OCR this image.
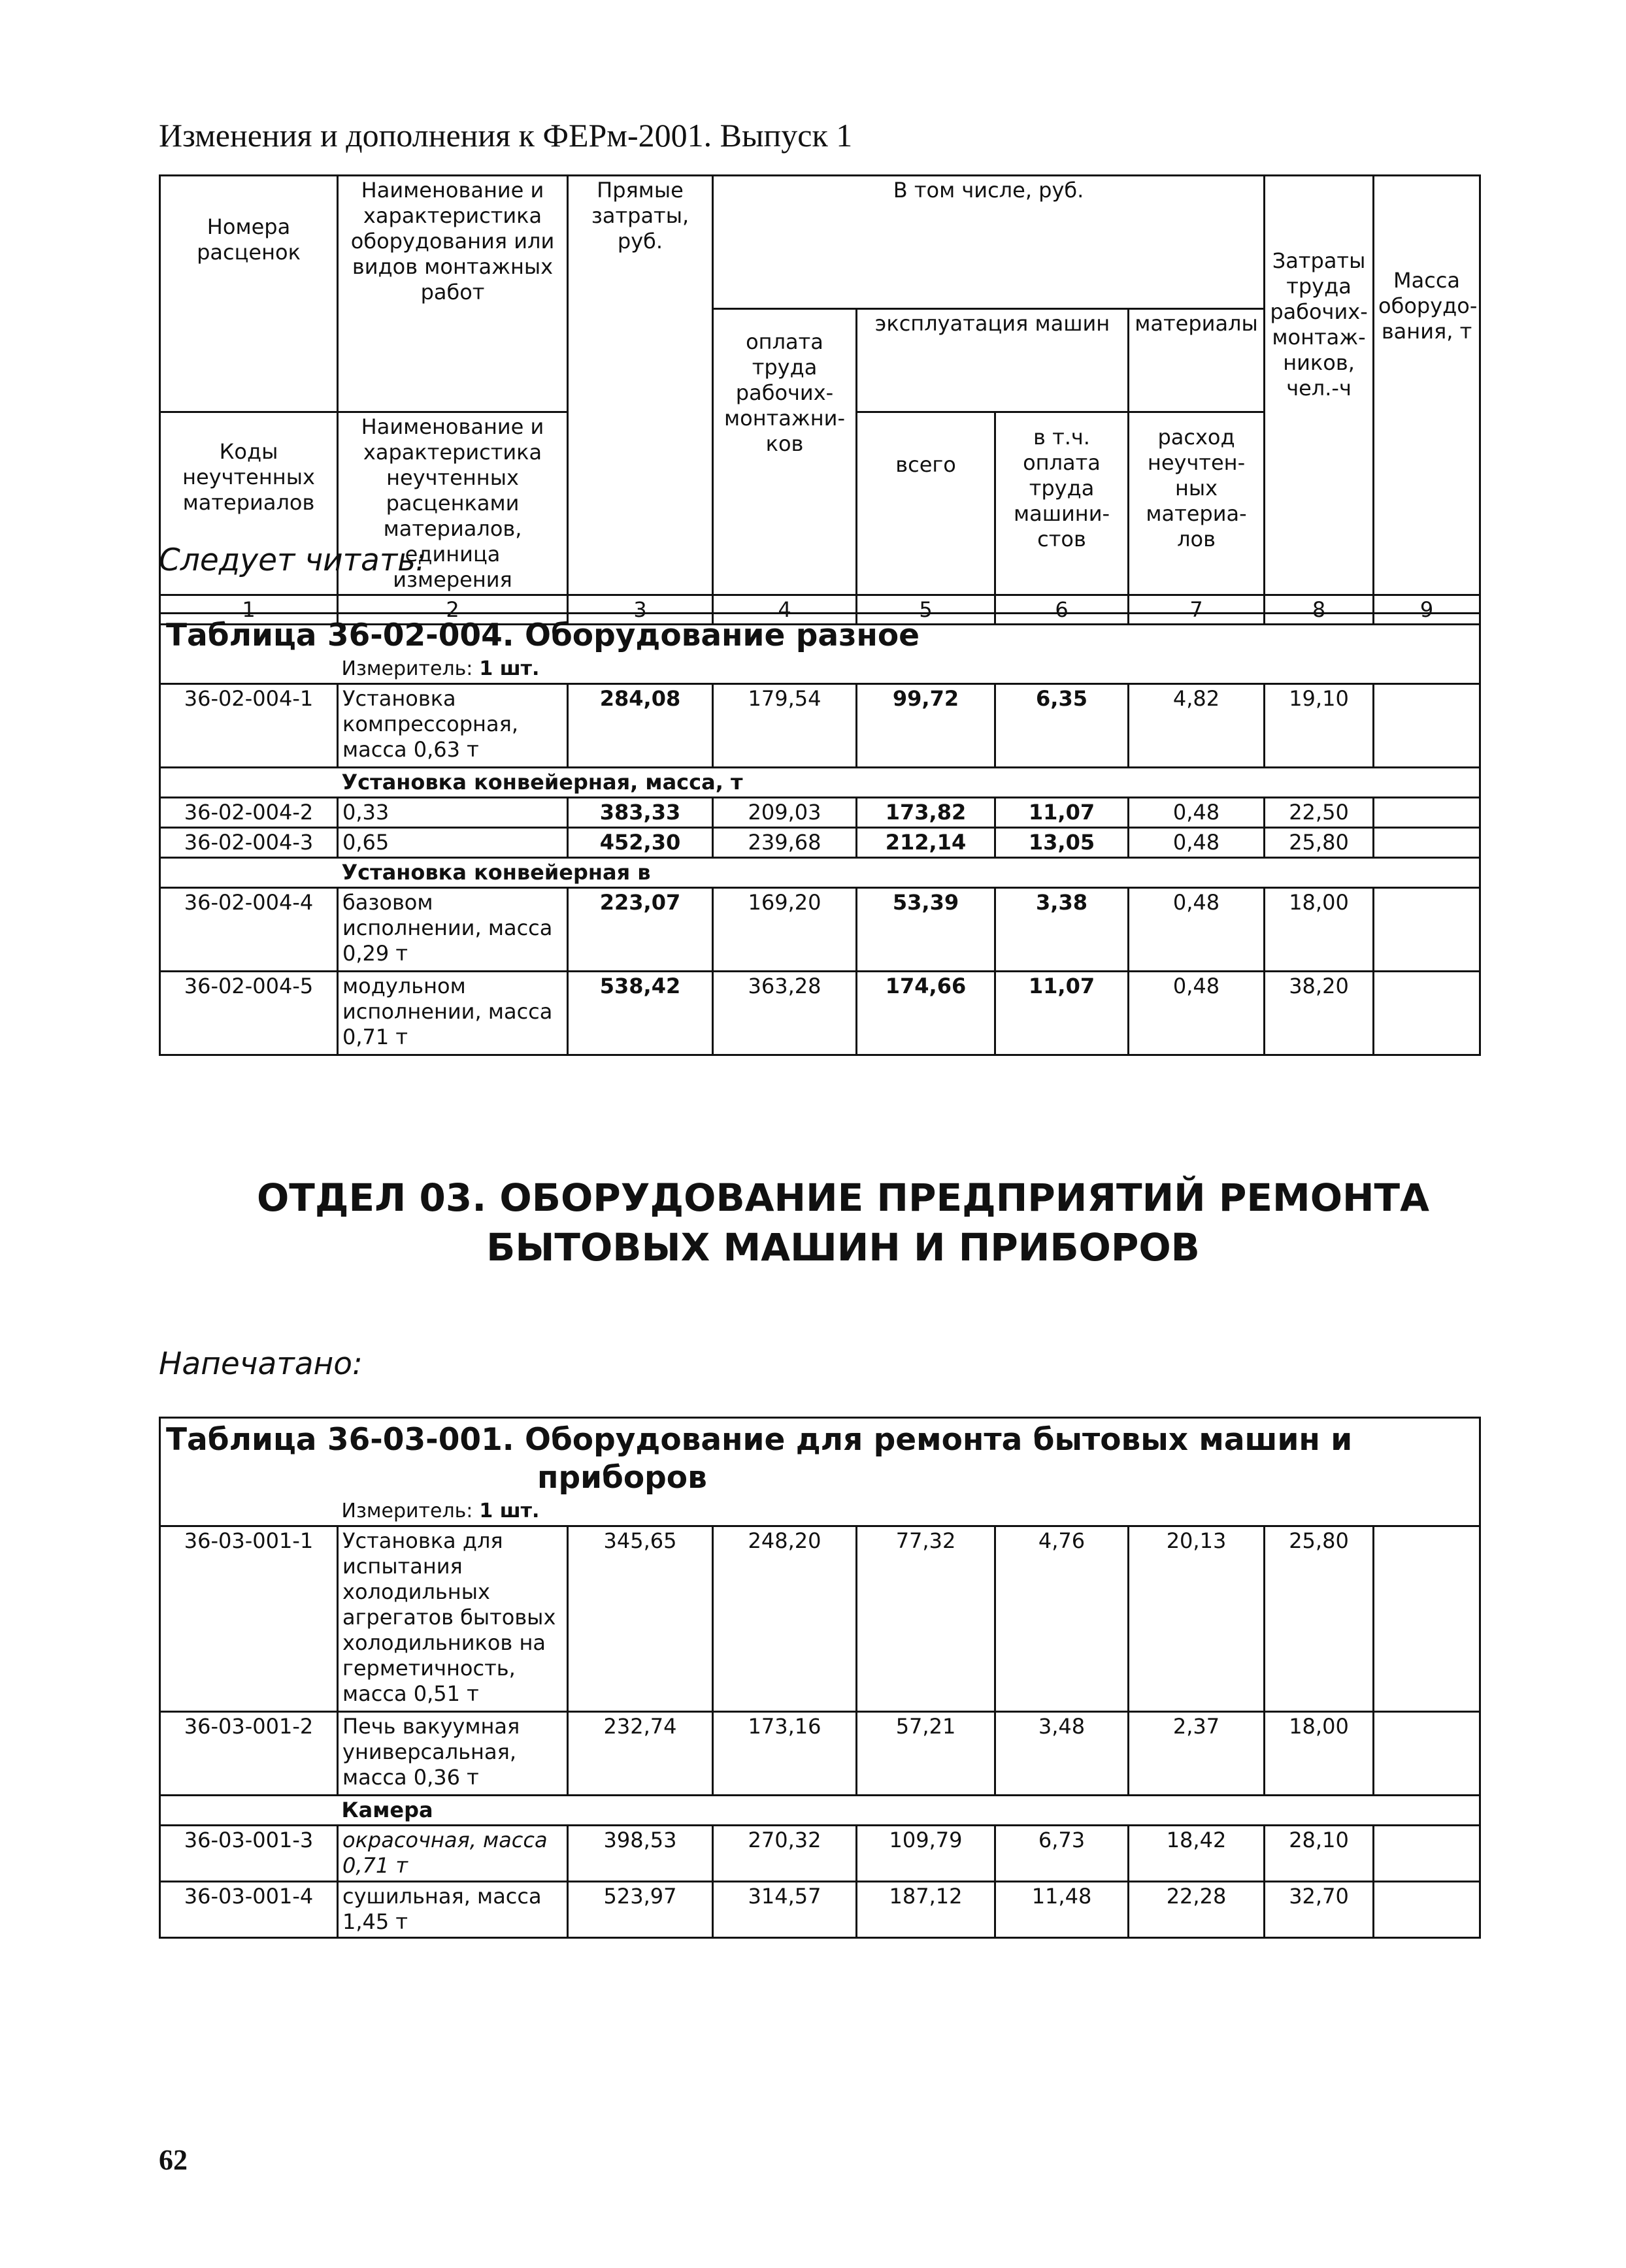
Изменения и дополнения к ФЕРм-2001. Выпуск 1
Номера расценок	Наименование и характеристика оборудования или видов монтажных работ	Прямые затраты, руб.	В том числе, руб.				Затраты труда рабочих-монтаж-ников, чел.-ч	Масса оборудо-вания, т
			оплата труда рабочих-монтажни-ков	эксплуатация машин		материалы		
				всего	в т.ч. оплата труда машини-стов	расход неучтен-ных материа-лов		
Коды неучтенных материалов	Наименование и характеристика неучтенных расценками материалов, единица измерения							

1	2	3	4	5	6	7	8	9
Следует читать:
Таблица 36-02-004. Оборудование разное								
	Измеритель: 1 шт.							
36-02-004-1	Установка компрессорная, масса 0,63 т	284,08	179,54	99,72	6,35	4,82	19,10	
	Установка конвейерная, масса, т							
36-02-004-2	0,33	383,33	209,03	173,82	11,07	0,48	22,50	
36-02-004-3	0,65	452,30	239,68	212,14	13,05	0,48	25,80	
	Установка конвейерная в							
36-02-004-4	базовом исполнении, масса 0,29 т	223,07	169,20	53,39	3,38	0,48	18,00	
36-02-004-5	модульном исполнении, масса 0,71 т	538,42	363,28	174,66	11,07	0,48	38,20	
ОТДЕЛ 03. ОБОРУДОВАНИЕ ПРЕДПРИЯТИЙ РЕМОНТА
БЫТОВЫХ МАШИН И ПРИБОРОВ
Напечатано:
Таблица 36-03-001. Оборудование для ремонта бытовых машин и
приборов								

	Измеритель: 1 шт.							
36-03-001-1	Установка для испытания холодильных агрегатов бытовых холодильников на герметичность, масса 0,51 т	345,65	248,20	77,32	4,76	20,13	25,80	
36-03-001-2	Печь вакуумная универсальная, масса 0,36 т	232,74	173,16	57,21	3,48	2,37	18,00	
	Камера							
36-03-001-3	окрасочная, масса 0,71 т	398,53	270,32	109,79	6,73	18,42	28,10	
36-03-001-4	сушильная, масса 1,45 т	523,97	314,57	187,12	11,48	22,28	32,70	
62
